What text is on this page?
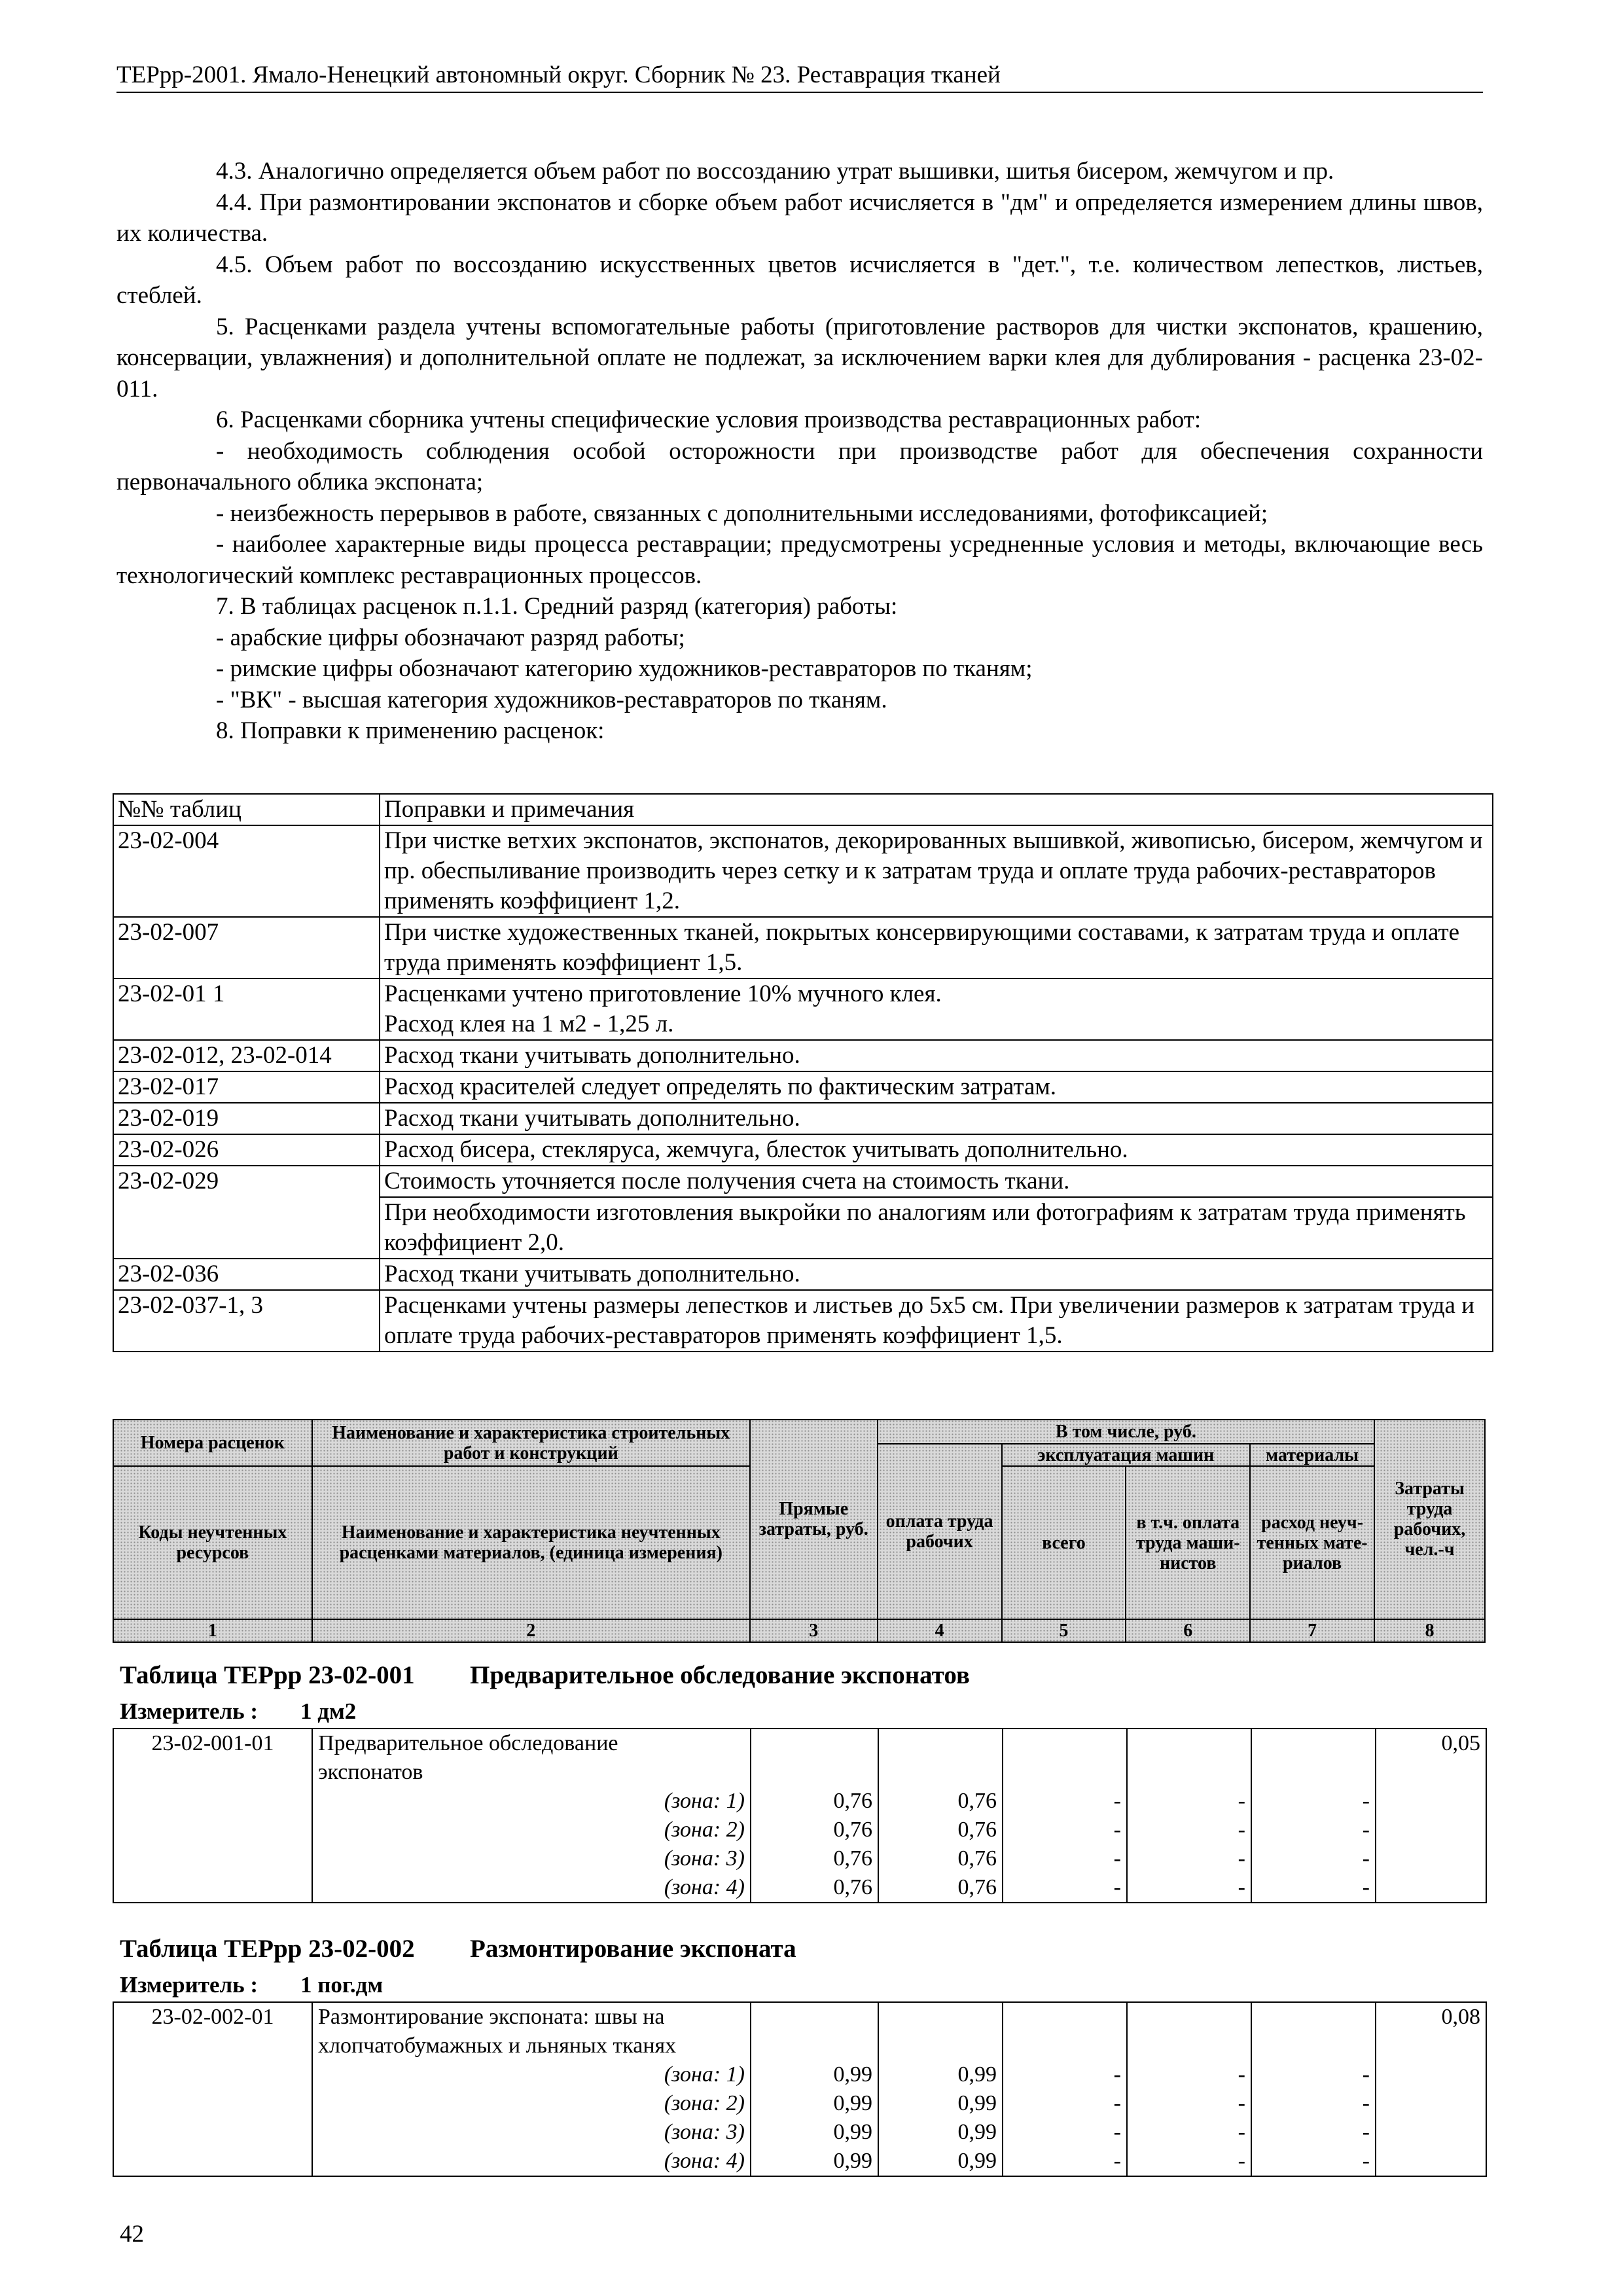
ТЕРрр-2001. Ямало-Ненецкий автономный округ. Сборник № 23. Реставрация тканей

4.3. Аналогично определяется объем работ по воссозданию утрат вышивки, шитья бисером, жемчугом и пр.

4.4. При размонтировании экспонатов и сборке объем работ исчисляется в "дм" и определяется измерением длины швов, их количества.

4.5. Объем работ по воссозданию искусственных цветов исчисляется в "дет.", т.е. количеством лепестков, листьев, стеблей.

5. Расценками раздела учтены вспомогательные работы (приготовление растворов для чистки экспонатов, крашению, консервации, увлажнения) и дополнительной оплате не подлежат, за исключением варки клея для дублирования - расценка 23-02-011.

6. Расценками сборника учтены специфические условия производства реставрационных работ:

- необходимость соблюдения особой осторожности при производстве работ для обеспечения сохранности первоначального облика экспоната;

- неизбежность перерывов в работе, связанных с дополнительными исследованиями, фотофиксацией;

- наиболее характерные виды процесса реставрации; предусмотрены усредненные условия и методы, включающие весь технологический комплекс реставрационных процессов.

7. В таблицах расценок п.1.1. Средний разряд (категория) работы:

- арабские цифры обозначают разряд работы;

- римские цифры обозначают категорию художников-реставраторов по тканям;

- "ВК" - высшая категория художников-реставраторов по тканям.

8. Поправки к применению расценок:

№№ таблиц	Поправки и примечания
23-02-004	При чистке ветхих экспонатов, экспонатов, декорированных вышивкой, живописью, бисером, жемчугом и пр. обеспыливание производить через сетку и к затратам труда и оплате труда рабочих-реставраторов применять коэффициент 1,2.
23-02-007	При чистке художественных тканей, покрытых консервирующими составами, к затратам труда и оплате труда применять коэффициент 1,5.
23-02-01 1	Расценками учтено приготовление 10% мучного клея.
Расход клея на 1 м2 - 1,25 л.

23-02-012, 23-02-014	Расход ткани учитывать дополнительно.
23-02-017	Расход красителей следует определять по фактическим затратам.
23-02-019	Расход ткани учитывать дополнительно.
23-02-026	Расход бисера, стекляруса, жемчуга, блесток учитывать дополнительно.
23-02-029	Стоимость уточняется после получения счета на стоимость ткани.
	При необходимости изготовления выкройки по аналогиям или фотографиям к затратам труда применять коэффициент 2,0.
23-02-036	Расход ткани учитывать дополнительно.
23-02-037-1, 3	Расценками учтены размеры лепестков и листьев до 5х5 см. При увеличении размеров к затратам труда и оплате труда рабочих-реставраторов применять коэффициент 1,5.
Номера расценок	Наименование и характеристика строительных работ и конструкций	Прямые затраты, руб.	В том числе, руб.				Затраты труда рабочих, чел.-ч
			оплата труда рабочих	эксплуатация машин		материалы	
Коды неучтенных ресурсов	Наименование и характеристика неучтенных расценками материалов, (единица измерения)			всего	в т.ч. оплата труда маши- нистов	расход неуч- тенных мате- риалов	

1	2	3	4	5	6	7	8
Таблица ТЕРрр 23-02-001 Предварительное обследование экспонатов
Измеритель : 1 дм2
23-02-001-01	Предварительное обследование						0,05
	экспонатов						
	(зона: 1)	0,76	0,76	-	-	-	
	(зона: 2)	0,76	0,76	-	-	-	
	(зона: 3)	0,76	0,76	-	-	-	
	(зона: 4)	0,76	0,76	-	-	-	
Таблица ТЕРрр 23-02-002 Размонтирование экспоната
Измеритель : 1 пог.дм
23-02-002-01	Размонтирование экспоната: швы на						0,08
	хлопчатобумажных и льняных тканях						
	(зона: 1)	0,99	0,99	-	-	-	
	(зона: 2)	0,99	0,99	-	-	-	
	(зона: 3)	0,99	0,99	-	-	-	
	(зона: 4)	0,99	0,99	-	-	-	
42
